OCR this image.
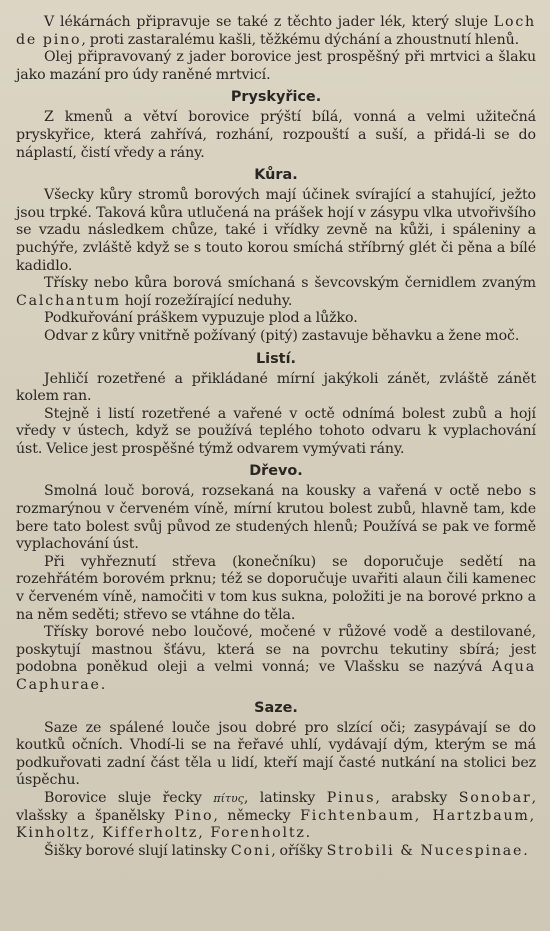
V lékárnách připravuje se také z těchto jader lék, který sluje Loch de pino, proti zastaralému kašli, těžkému dýchání a zhoustnutí hlenů.

Olej připravovaný z jader borovice jest prospěšný při mrtvici a šlaku jako mazání pro údy raněné mrtvicí.

Pryskyřice.

Z kmenů a větví borovice prýští bílá, vonná a velmi užitečná pryskyřice, která zahřívá, rozhání, rozpouští a suší, a přidá-li se do náplastí, čistí vředy a rány.

Kůra.

Všecky kůry stromů borových mají účinek svírající a stahující, ježto jsou trpké. Taková kůra utlučená na prášek hojí v zásypu vlka utvořivšího se vzadu následkem chůze, také i vřídky zevně na kůži, i spáleniny a puchýře, zvláště když se s touto korou smíchá stříbrný glét či pěna a bílé kadidlo.

Třísky nebo kůra borová smíchaná s ševcovským černidlem zvaným Calchantum hojí rozežírající neduhy.

Podkuřování práškem vypuzuje plod a lůžko.

Odvar z kůry vnitřně požívaný (pitý) zastavuje běhavku a žene moč.

Listí.

Jehličí rozetřené a přikládané mírní jakýkoli zánět, zvláště zánět kolem ran.

Stejně i listí rozetřené a vařené v octě odnímá bolest zubů a hojí vředy v ústech, když se používá teplého tohoto odvaru k vyplachování úst. Velice jest prospěšné týmž odvarem vymývati rány.

Dřevo.

Smolná louč borová, rozsekaná na kousky a vařená v octě nebo s rozmarýnou v červeném víně, mírní krutou bolest zubů, hlavně tam, kde bere tato bolest svůj původ ze studených hlenů; Používá se pak ve formě vyplachování úst.

Při vyhřeznutí střeva (konečníku) se doporučuje sedětí na rozehřátém borovém prknu; též se doporučuje uvařiti alaun čili kamenec v červeném víně, namočiti v tom kus sukna, položiti je na borové prkno a na něm seděti; střevo se vtáhne do těla.

Třísky borové nebo loučové, močené v růžové vodě a destilované, poskytují mastnou šťávu, která se na povrchu tekutiny sbírá; jest podobna poněkud oleji a velmi vonná; ve Vlašsku se nazývá Aqua Caphurae.

Saze.

Saze ze spálené louče jsou dobré pro slzící oči; zasypávají se do koutků očních. Vhodí-li se na řeřavé uhlí, vydávají dým, kterým se má podkuřovati zadní část těla u lidí, kteří mají časté nutkání na stolici bez úspěchu.

Borovice sluje řecky πίτυς, latinsky Pinus, arabsky Sonobar, vlašsky a španělsky Pino, německy Fichtenbaum, Hartzbaum, Kinholtz, Kifferholtz, Forenholtz.

Šišky borové slují latinsky Coni, oříšky Strobili & Nucespinae.
